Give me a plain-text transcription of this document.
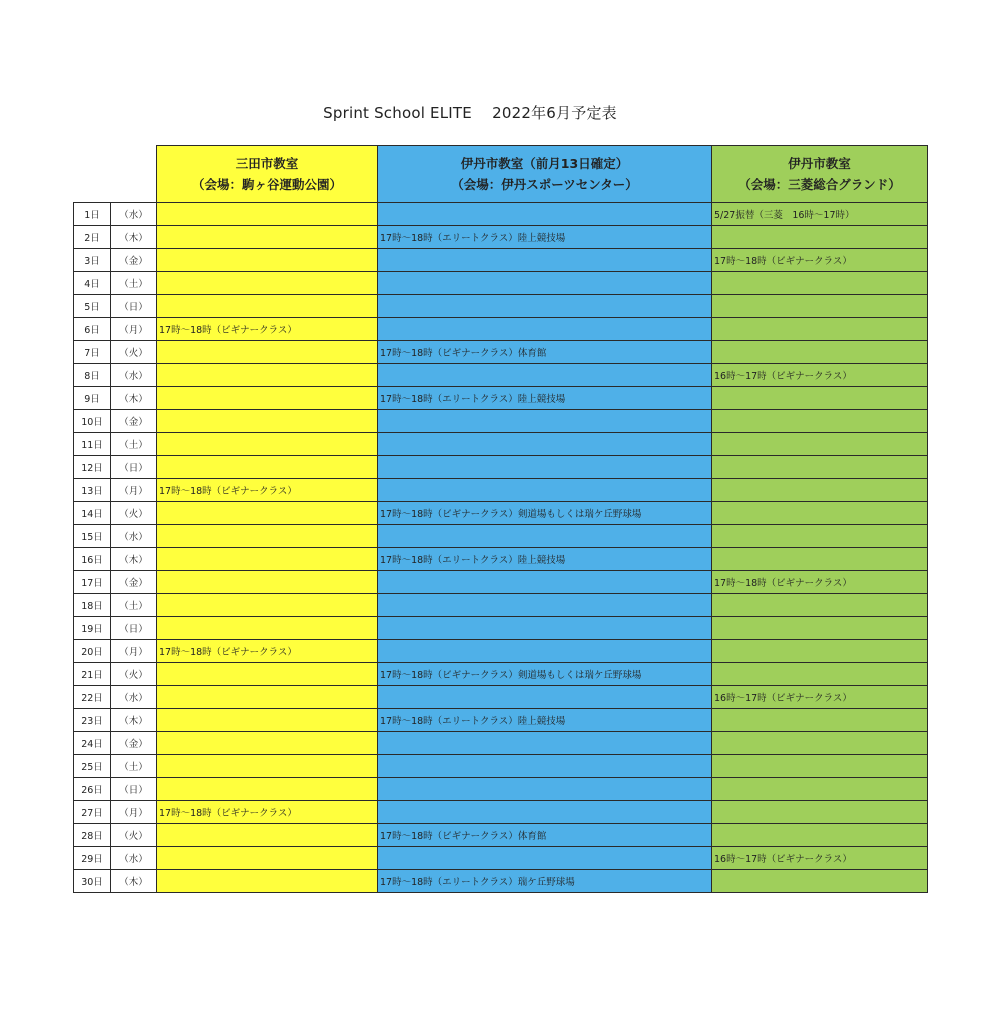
Sprint School ELITE　 2022年6月予定表

		三田市教室
（会場：駒ヶ谷運動公園）	伊丹市教室（前月13日確定）
（会場：伊丹スポーツセンター）	伊丹市教室
（会場：三菱総合グランド）

1日	（水）			5/27振替（三菱　16時～17時）
2日	（木）		17時～18時（エリートクラス）陸上競技場	
3日	（金）			17時～18時（ビギナークラス）
4日	（土）			
5日	（日）			
6日	（月）	17時～18時（ビギナークラス）		
7日	（火）		17時～18時（ビギナークラス）体育館	
8日	（水）			16時～17時（ビギナークラス）
9日	（木）		17時～18時（エリートクラス）陸上競技場	
10日	（金）			
11日	（土）			
12日	（日）			
13日	（月）	17時～18時（ビギナークラス）		
14日	（火）		17時～18時（ビギナークラス）剣道場もしくは瑞ケ丘野球場	
15日	（水）			
16日	（木）		17時～18時（エリートクラス）陸上競技場	
17日	（金）			17時～18時（ビギナークラス）
18日	（土）			
19日	（日）			
20日	（月）	17時～18時（ビギナークラス）		
21日	（火）		17時～18時（ビギナークラス）剣道場もしくは瑞ケ丘野球場	
22日	（水）			16時～17時（ビギナークラス）
23日	（木）		17時～18時（エリートクラス）陸上競技場	
24日	（金）			
25日	（土）			
26日	（日）			
27日	（月）	17時～18時（ビギナークラス）		
28日	（火）		17時～18時（ビギナークラス）体育館	
29日	（水）			16時～17時（ビギナークラス）
30日	（木）		17時～18時（エリートクラス）瑞ケ丘野球場	
